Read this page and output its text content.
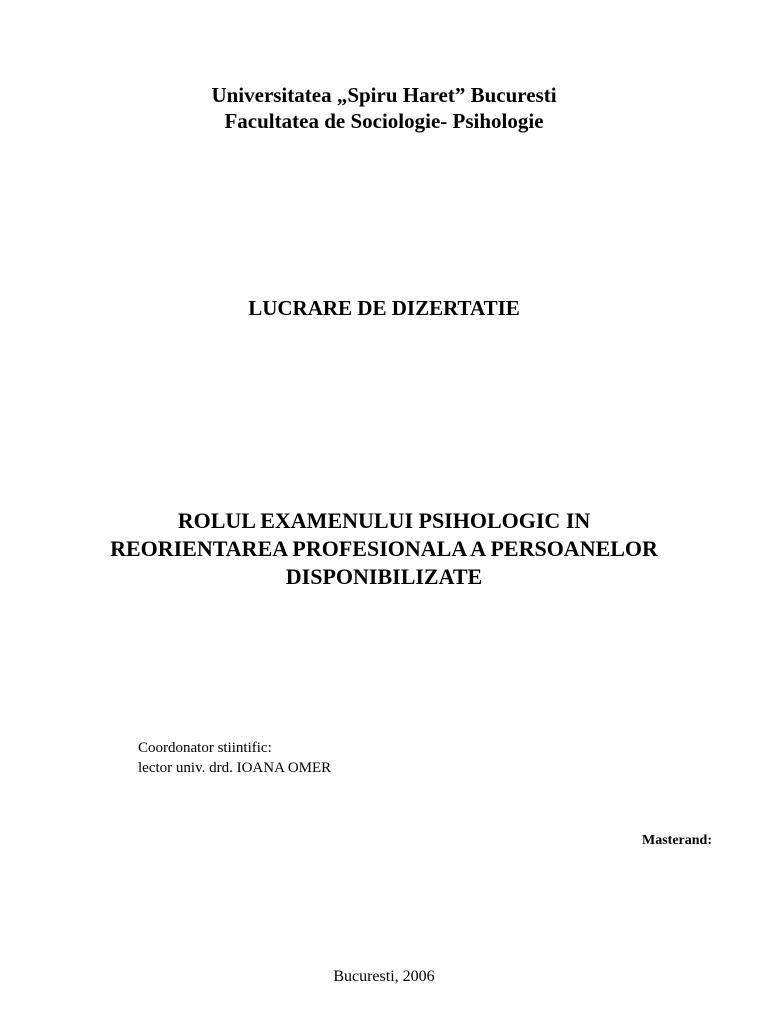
Universitatea „Spiru Haret” Bucuresti
Facultatea de Sociologie- Psihologie
LUCRARE DE DIZERTATIE
ROLUL EXAMENULUI PSIHOLOGIC IN
REORIENTAREA PROFESIONALA A PERSOANELOR
DISPONIBILIZATE
Coordonator stiintific:
lector univ. drd. IOANA OMER
Masterand:
Bucuresti, 2006
